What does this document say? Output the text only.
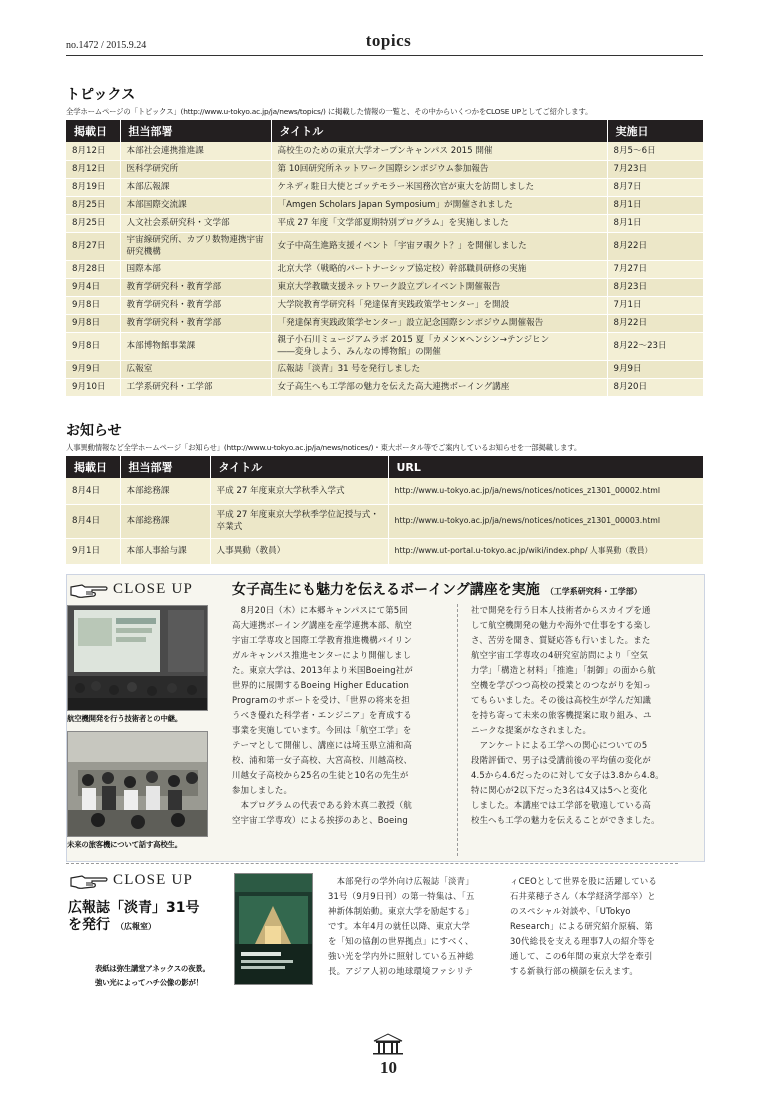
no.1472 / 2015.9.24	topics
トピックス
全学ホームページの「トピックス」(http://www.u-tokyo.ac.jp/ja/news/topics/) に掲載した情報の一覧と、その中からいくつかをCLOSE UPとしてご紹介します。
掲載日	担当部署	タイトル	実施日
8月12日	本部社会連携推進課	高校生のための東京大学オープンキャンパス 2015 開催	8月5～6日
8月12日	医科学研究所	第 10回研究所ネットワーク国際シンポジウム参加報告	7月23日
8月19日	本部広報課	ケネディ駐日大使とゴッテモラー米国務次官が東大を訪問しました	8月7日
8月25日	本部国際交流課	「Amgen Scholars Japan Symposium」が開催されました	8月1日
8月25日	人文社会系研究科・文学部	平成 27 年度「文学部夏期特別プログラム」を実施しました	8月1日
8月27日	宇宙線研究所、カブリ数物連携宇宙研究機構	女子中高生進路支援イベント「宇宙ヲ覗クト？」を開催しました	8月22日
8月28日	国際本部	北京大学（戦略的パートナーシップ協定校）幹部職員研修の実施	7月27日
9月4日	教育学研究科・教育学部	東京大学教職支援ネットワーク設立プレイベント開催報告	8月23日
9月8日	教育学研究科・教育学部	大学院教育学研究科「発達保育実践政策学センター」を開設	7月1日
9月8日	教育学研究科・教育学部	「発達保育実践政策学センター」設立記念国際シンポジウム開催報告	8月22日
9月8日	本部博物館事業課	親子小石川ミュージアムラボ 2015 夏「カメン×ヘンシン→テンジヒン
――変身しよう、みんなの博物館」の開催	8月22～23日
9月9日	広報室	広報誌「淡青」31 号を発行しました	9月9日
9月10日	工学系研究科・工学部	女子高生へも工学部の魅力を伝えた高大連携ボーイング講座	8月20日
お知らせ
人事異動情報など全学ホームページ「お知らせ」(http://www.u-tokyo.ac.jp/ja/news/notices/)・東大ポータル等でご案内しているお知らせを一部掲載します。
掲載日	担当部署	タイトル	URL
8月4日	本部総務課	平成 27 年度東京大学秋季入学式	http://www.u-tokyo.ac.jp/ja/news/notices/notices_z1301_00002.html
8月4日	本部総務課	平成 27 年度東京大学秋季学位記授与式・卒業式	http://www.u-tokyo.ac.jp/ja/news/notices/notices_z1301_00003.html
9月1日	本部人事給与課	人事異動（教員）	http://www.ut-portal.u-tokyo.ac.jp/wiki/index.php/ 人事異動（教員）
CLOSE UP	女子高生にも魅力を伝えるボーイング講座を実施 （工学系研究科・工学部）
航空機開発を行う技術者との中継。
未来の旅客機について話す高校生。
　8月20日（木）に本郷キャンパスにて第5回
高大連携ボーイング講座を産学連携本部、航空
宇宙工学専攻と国際工学教育推進機構バイリン
ガルキャンパス推進センターにより開催しまし
た。東京大学は、2013年より米国Boeing社が
世界的に展開するBoeing Higher Education
Programのサポートを受け、「世界の将来を担
うべき優れた科学者・エンジニア」を育成する
事業を実施しています。今回は「航空工学」を
テーマとして開催し、講座には埼玉県立浦和高
校、浦和第一女子高校、大宮高校、川越高校、
川越女子高校から25名の生徒と10名の先生が
参加しました。
　本プログラムの代表である鈴木真二教授（航
空宇宙工学専攻）による挨拶のあと、Boeing
社で開発を行う日本人技術者からスカイプを通
して航空機開発の魅力や海外で仕事をする楽し
さ、苦労を聞き、質疑応答も行いました。また
航空宇宙工学専攻の4研究室訪問により「空気
力学」「構造と材料」「推進」「制御」の面から航
空機を学びつつ高校の授業とのつながりを知っ
てもらいました。その後は高校生が学んだ知識
を持ち寄って未来の旅客機提案に取り組み、ユ
ニークな提案がなされました。
　アンケートによる工学への関心についての5
段階評価で、男子は受講前後の平均値の変化が
4.5から4.6だったのに対して女子は3.8から4.8。
特に関心が2以下だった3名は4又は5へと変化
しました。本講座では工学部を敬遠している高
校生へも工学の魅力を伝えることができました。
CLOSE UP
広報誌「淡青」31号
を発行 （広報室）
表紙は弥生講堂アネックスの夜景。
強い光によってハチ公像の影が！
　本部発行の学外向け広報誌「淡青」
31号（9月9日刊）の第一特集は、「五
神新体制始動。東京大学を励起する」
です。本年4月の就任以降、東京大学
を「知の協創の世界拠点」にすべく、
強い光を学内外に照射している五神総
長。アジア人初の地球環境ファシリテ
ィCEOとして世界を股に活躍している
石井菜穂子さん（本学経済学部卒）と
のスペシャル対談や、「UTokyo
Research」による研究紹介原稿、第
30代総長を支える理事7人の紹介等を
通して、この6年間の東京大学を牽引
する新執行部の横顔を伝えます。
10
